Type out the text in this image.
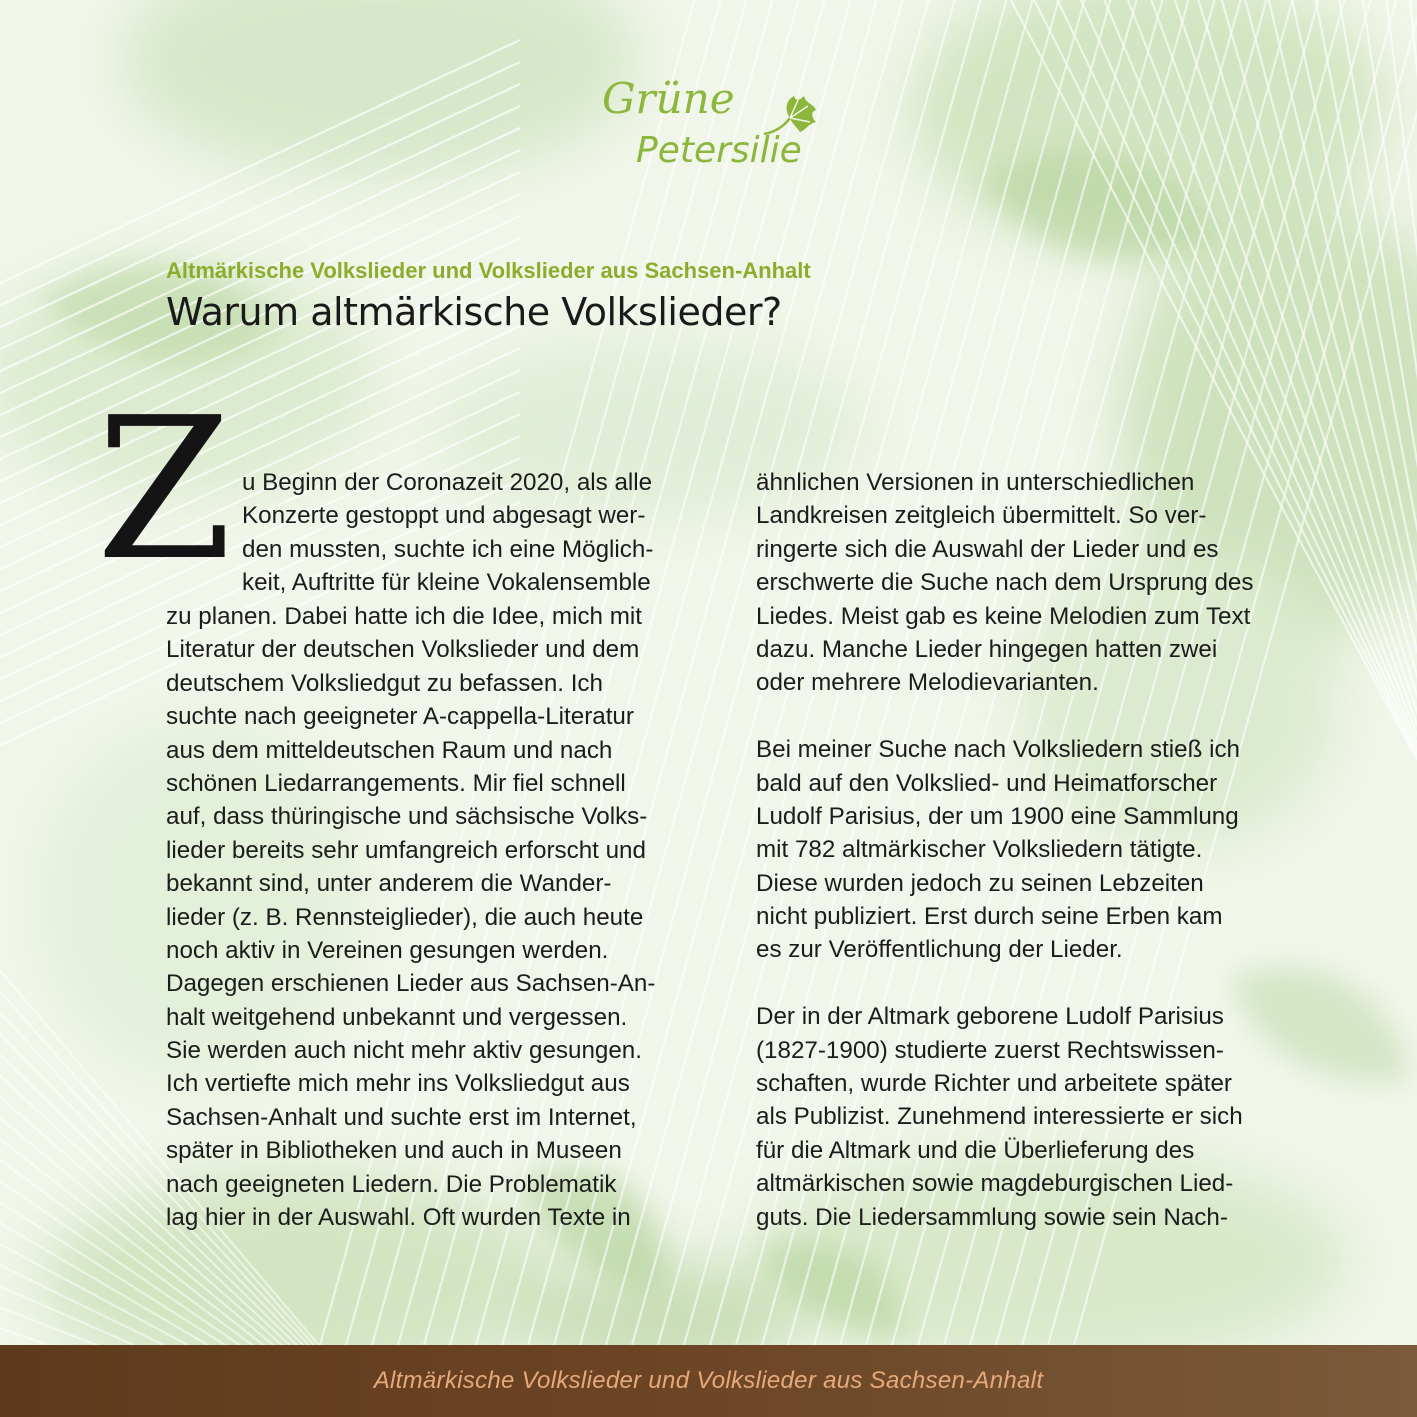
Grüne
Petersilie
Altmärkische Volkslieder und Volkslieder aus Sachsen-Anhalt
Warum altmärkische Volkslieder?
Z u Beginn der Coronazeit 2020, als alle
Konzerte gestoppt und abgesagt wer-
den mussten, suchte ich eine Möglich-
keit, Auftritte für kleine Vokalensemble
zu planen. Dabei hatte ich die Idee, mich mit
Literatur der deutschen Volkslieder und dem
deutschem Volksliedgut zu befassen. Ich
suchte nach geeigneter A-cappella-Literatur
aus dem mitteldeutschen Raum und nach
schönen Liedarrangements. Mir fiel schnell
auf, dass thüringische und sächsische Volks-
lieder bereits sehr umfangreich erforscht und
bekannt sind, unter anderem die Wander-
lieder (z. B. Rennsteiglieder), die auch heute
noch aktiv in Vereinen gesungen werden.
Dagegen erschienen Lieder aus Sachsen-An-
halt weitgehend unbekannt und vergessen.
Sie werden auch nicht mehr aktiv gesungen.
Ich vertiefte mich mehr ins Volksliedgut aus
Sachsen-Anhalt und suchte erst im Internet,
später in Bibliotheken und auch in Museen
nach geeigneten Liedern. Die Problematik
lag hier in der Auswahl. Oft wurden Texte in
ähnlichen Versionen in unterschiedlichen
Landkreisen zeitgleich übermittelt. So ver-
ringerte sich die Auswahl der Lieder und es
erschwerte die Suche nach dem Ursprung des
Liedes. Meist gab es keine Melodien zum Text
dazu. Manche Lieder hingegen hatten zwei
oder mehrere Melodievarianten.
Bei meiner Suche nach Volksliedern stieß ich
bald auf den Volkslied- und Heimatforscher
Ludolf Parisius, der um 1900 eine Sammlung
mit 782 altmärkischer Volksliedern tätigte.
Diese wurden jedoch zu seinen Lebzeiten
nicht publiziert. Erst durch seine Erben kam
es zur Veröffentlichung der Lieder.
Der in der Altmark geborene Ludolf Parisius
(1827-1900) studierte zuerst Rechtswissen-
schaften, wurde Richter und arbeitete später
als Publizist. Zunehmend interessierte er sich
für die Altmark und die Überlieferung des
altmärkischen sowie magdeburgischen Lied-
guts. Die Liedersammlung sowie sein Nach-
Altmärkische Volkslieder und Volkslieder aus Sachsen-Anhalt
